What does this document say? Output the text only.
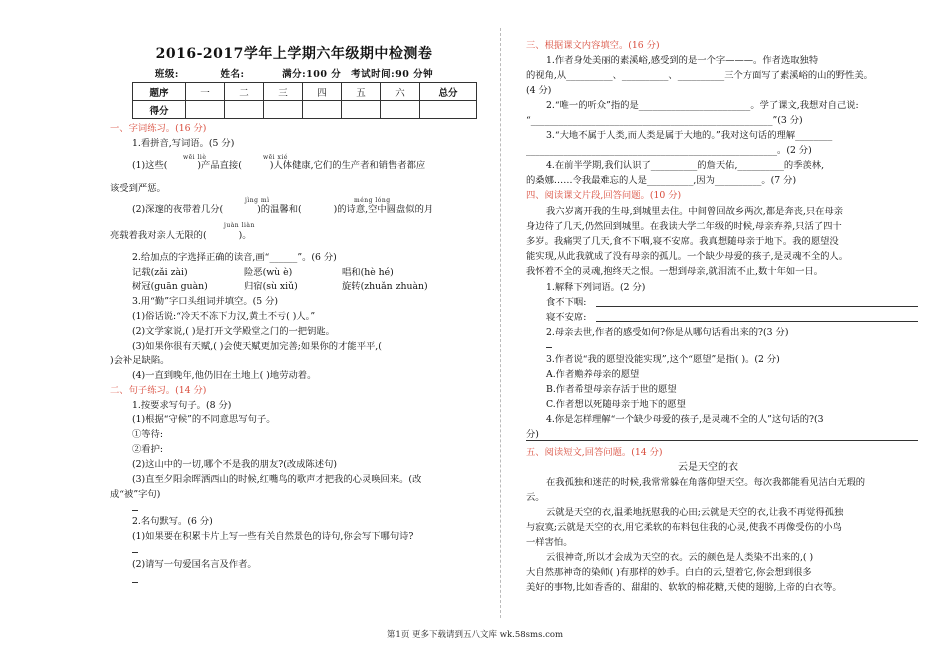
2016-2017学年上学期六年级期中检测卷
班级:	姓名:	满分:100 分 考试时间:90 分钟
题序	一	二	三	四	五	六	总分
得分							
一、字词练习。(16 分)
1.看拼音,写词语。(5 分)
wēi liè	wēi xié
(1)这些(	)产品直接(	)人体健康,它们的生产者和销售者都应
该受到严惩。
jìng mì	méng lóng
(2)深邃的夜带着几分(	)的温馨和(	)的诗意,空中圆盘似的月
juàn liàn
亮载着我对亲人无限的(	)。
2.给加点的字选择正确的读音,画“______”。(6 分)
记载(zǎi zài)	险恶(wù è)	唱和(hè hé)
树冠(guān guàn)	归宿(sù xiǔ)	旋转(zhuǎn zhuàn)
3.用“勤”字口头组词并填空。(5 分)
(1)俗话说:“冷天不冻下力汉,黄土不亏( )人。”
(2)文学家说,( )是打开文学殿堂之门的一把钥匙。
(3)如果你很有天赋,( )会使天赋更加完善;如果你的才能平平,(
)会补足缺陷。
(4)一直到晚年,他仍旧在土地上( )地劳动着。
二、句子练习。(14 分)
1.按要求写句子。(8 分)
(1)根据“守候”的不同意思写句子。
①等待:
②看护:
(2)这山中的一切,哪个不是我的朋友?(改成陈述句)
(3)直至夕阳余晖洒西山的时候,红嘴鸟的歌声才把我的心灵唤回来。(改
成“被”字句)
2.名句默写。(6 分)
(1)如果要在积累卡片上写一些有关自然景色的诗句,你会写下哪句诗?
(2)请写一句爱国名言及作者。
三、根据课文内容填空。(16 分)
1.作者身处美丽的素溪峪,感受到的是一个字———。作者选取独特
的视角,从__________、__________、__________三个方面写了素溪峪的山的野性美。
(4 分)
2.“唯一的听众”指的是________________________。学了课文,我想对自己说:
“____________________________________________________”(3 分)
3.“大地不属于人类,而人类是属于大地的。”我对这句话的理解________
______________________________________________________。(2 分)
4.在前半学期,我们认识了__________的詹天佑,__________的季羡林,
的桑娜……令我最难忘的人是__________,因为__________。(7 分)
四、阅读课文片段,回答问题。(10 分)
我六岁离开我的生母,到城里去住。中间曾回故乡两次,都是奔丧,只在母亲
身边待了几天,仍然回到城里。在我读大学二年级的时候,母亲弃养,只活了四十
多岁。我痛哭了几天,食不下咽,寝不安席。我真想随母亲于地下。我的愿望没
能实现,从此我就成了没有母亲的孤儿。一个缺少母爱的孩子,是灵魂不全的人。
我怀着不全的灵魂,抱终天之恨。一想到母亲,就泪流不止,数十年如一日。
1.解释下列词语。(2 分)
食不下咽:
寝不安席:
2.母亲去世,作者的感受如何?你是从哪句话看出来的?(3 分)
3.作者说“我的愿望没能实现”,这个“愿望”是指( )。(2 分)
A.作者赡养母亲的愿望
B.作者希望母亲存活于世的愿望
C.作者想以死随母亲于地下的愿望
4.你是怎样理解“一个缺少母爱的孩子,是灵魂不全的人”这句话的?(3
分)
五、阅读短文,回答问题。(14 分)
云是天空的衣
在我孤独和迷茫的时候,我常常躲在角落仰望天空。每次我都能看见洁白无瑕的
云。
云就是天空的衣,温柔地抚慰我的心田;云就是天空的衣,让我不再觉得孤独
与寂寞;云就是天空的衣,用它柔软的布料包住我的心灵,使我不再像受伤的小鸟
一样害怕。
云很神奇,所以才会成为天空的衣。云的颜色是人类染不出来的,( )
大自然那神奇的染师( )有那样的妙手。白白的云,望着它,你会想到很多
美好的事物,比如香香的、甜甜的、软软的棉花糖,天使的翅膀,上帝的白衣等。
第1页 更多下载请到五八文库 wk.58sms.com
